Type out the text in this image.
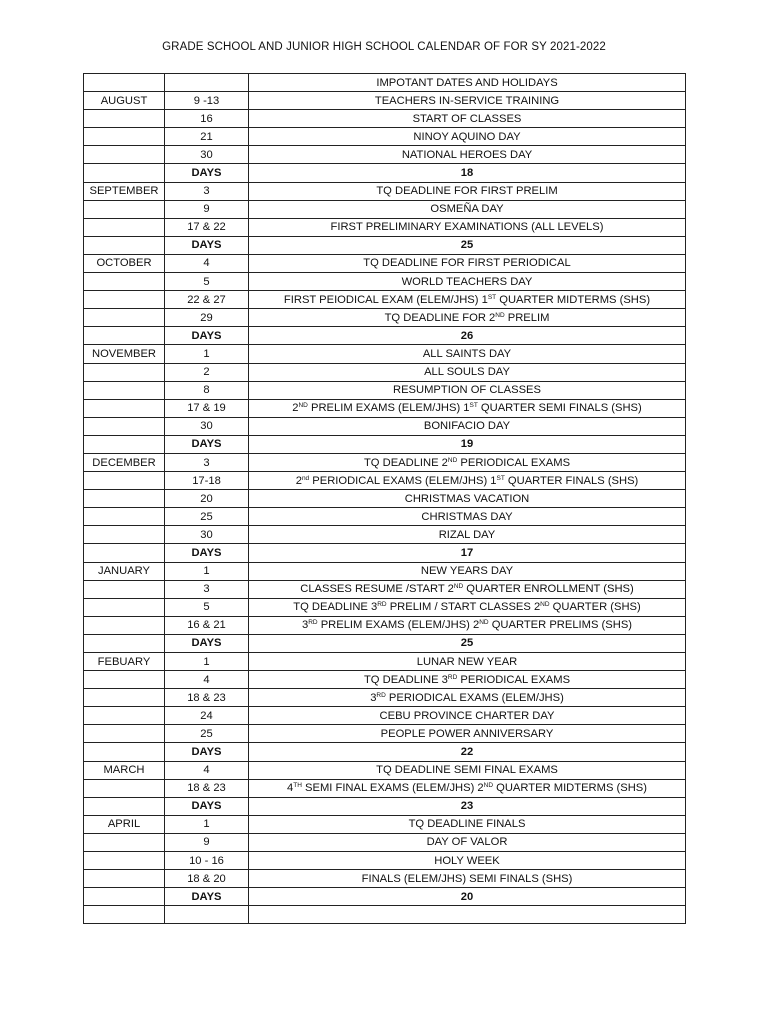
GRADE SCHOOL AND JUNIOR HIGH SCHOOL CALENDAR OF FOR SY 2021-2022
		IMPOTANT DATES AND HOLIDAYS
AUGUST	9 -13	TEACHERS IN-SERVICE TRAINING
	16	START OF CLASSES
	21	NINOY AQUINO DAY
	30	NATIONAL HEROES DAY
	DAYS	18
SEPTEMBER	3	TQ DEADLINE FOR FIRST PRELIM
	9	OSMEÑA DAY
	17 & 22	FIRST PRELIMINARY EXAMINATIONS (ALL LEVELS)
	DAYS	25
OCTOBER	4	TQ DEADLINE FOR FIRST PERIODICAL
	5	WORLD TEACHERS DAY
	22 & 27	FIRST PEIODICAL EXAM (ELEM/JHS) 1ST QUARTER MIDTERMS (SHS)
	29	TQ DEADLINE FOR 2ND PRELIM
	DAYS	26
NOVEMBER	1	ALL SAINTS DAY
	2	ALL SOULS DAY
	8	RESUMPTION OF CLASSES
	17 & 19	2ND PRELIM EXAMS (ELEM/JHS) 1ST QUARTER SEMI FINALS (SHS)
	30	BONIFACIO DAY
	DAYS	19
DECEMBER	3	TQ DEADLINE 2ND PERIODICAL EXAMS
	17-18	2nd PERIODICAL EXAMS (ELEM/JHS) 1ST QUARTER FINALS (SHS)
	20	CHRISTMAS VACATION
	25	CHRISTMAS DAY
	30	RIZAL DAY
	DAYS	17
JANUARY	1	NEW YEARS DAY
	3	CLASSES RESUME /START 2ND QUARTER ENROLLMENT (SHS)
	5	TQ DEADLINE 3RD PRELIM / START CLASSES 2ND QUARTER (SHS)
	16 & 21	3RD PRELIM EXAMS (ELEM/JHS) 2ND QUARTER PRELIMS (SHS)
	DAYS	25
FEBUARY	1	LUNAR NEW YEAR
	4	TQ DEADLINE 3RD PERIODICAL EXAMS
	18 & 23	3RD PERIODICAL EXAMS (ELEM/JHS)
	24	CEBU PROVINCE CHARTER DAY
	25	PEOPLE POWER ANNIVERSARY
	DAYS	22
MARCH	4	TQ DEADLINE SEMI FINAL EXAMS
	18 & 23	4TH SEMI FINAL EXAMS (ELEM/JHS) 2ND QUARTER MIDTERMS (SHS)
	DAYS	23
APRIL	1	TQ DEADLINE FINALS
	9	DAY OF VALOR
	10 - 16	HOLY WEEK
	18 & 20	FINALS (ELEM/JHS) SEMI FINALS (SHS)
	DAYS	20
